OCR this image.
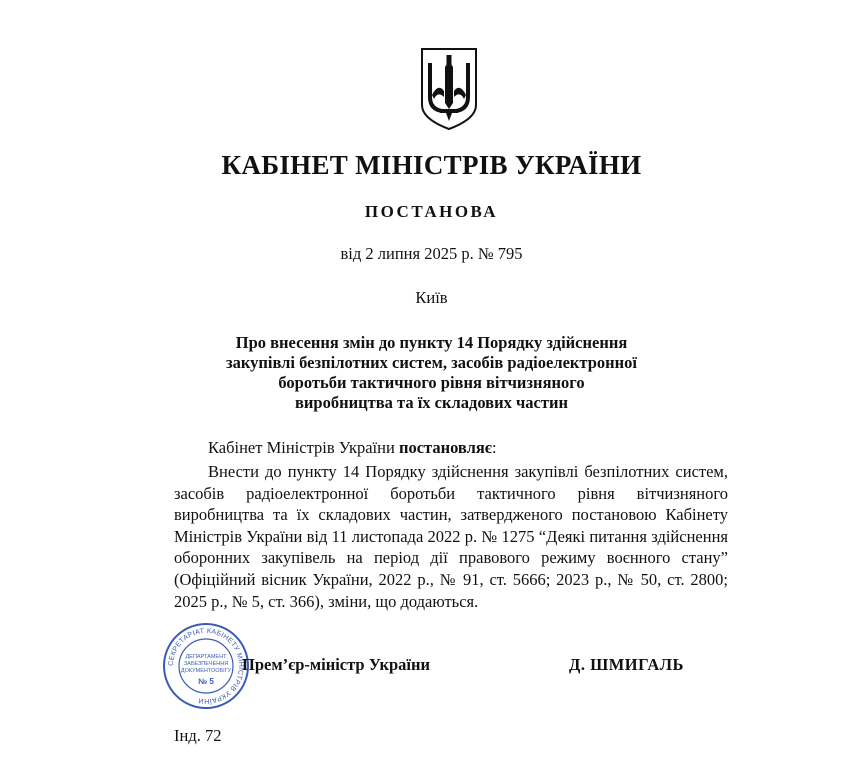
КАБІНЕТ МІНІСТРІВ УКРАЇНИ
ПОСТАНОВА
від 2 липня 2025 р. № 795
Київ
Про внесення змін до пункту 14 Порядку здійснення
закупівлі безпілотних систем, засобів радіоелектронної
боротьби тактичного рівня вітчизняного
виробництва та їх складових частин
Кабінет Міністрів України постановляє:
Внести до пункту 14 Порядку здійснення закупівлі безпілотних систем, засобів радіоелектронної боротьби тактичного рівня вітчизняного виробництва та їх складових частин, затвердженого постановою Кабінету Міністрів України від 11 листопада 2022 р. № 1275 “Деякі питання здійснення оборонних закупівель на період дії правового режиму воєнного стану” (Офіційний вісник України, 2022 р., № 91, ст. 5666; 2023 р., № 50, ст. 2800; 2025 р., № 5, ст. 366), зміни, що додаються.
СЕКРЕТАРІАТ КАБІНЕТУ МІНІСТРІВ УКРАЇНИ
ДЕПАРТАМЕНТ
ЗАБЕЗПЕЧЕННЯ
ДОКУМЕНТООБІГУ
№ 5
Прем’єр-міністр України	Д. ШМИГАЛЬ
Інд. 72
